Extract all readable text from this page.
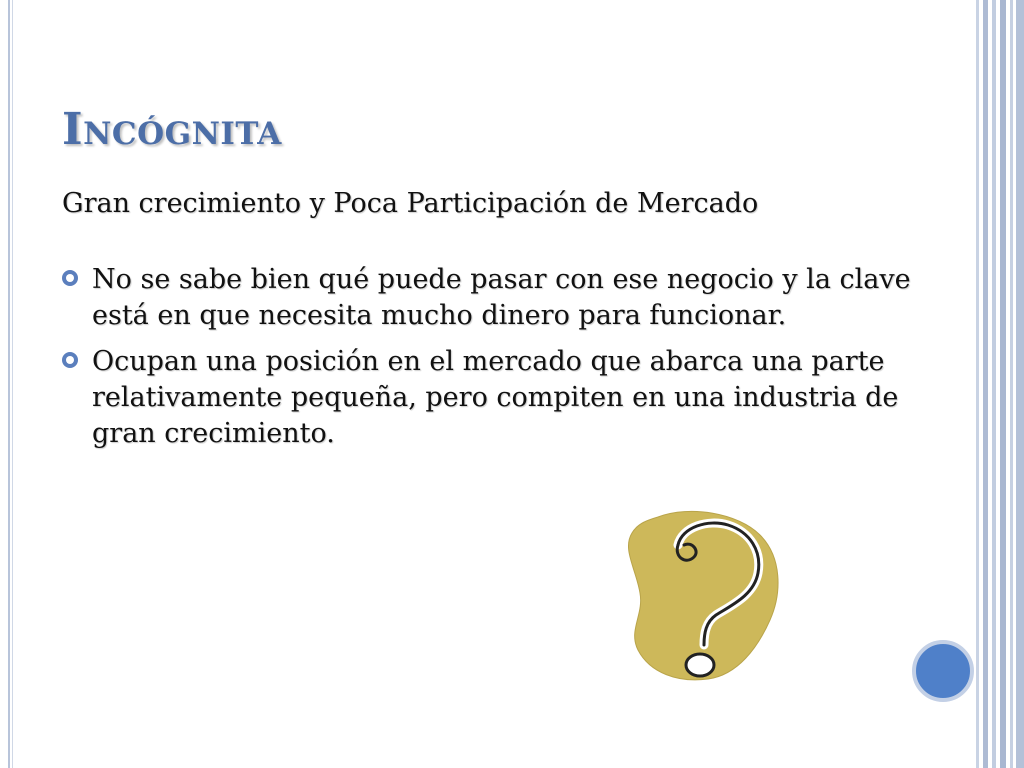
Incógnita

Gran crecimiento y Poca Participación de Mercado

No se sabe bien qué puede pasar con ese negocio y la clave está en que necesita mucho dinero para funcionar.
Ocupan una posición en el mercado que abarca una parte relativamente pequeña, pero compiten en una industria de gran crecimiento.
